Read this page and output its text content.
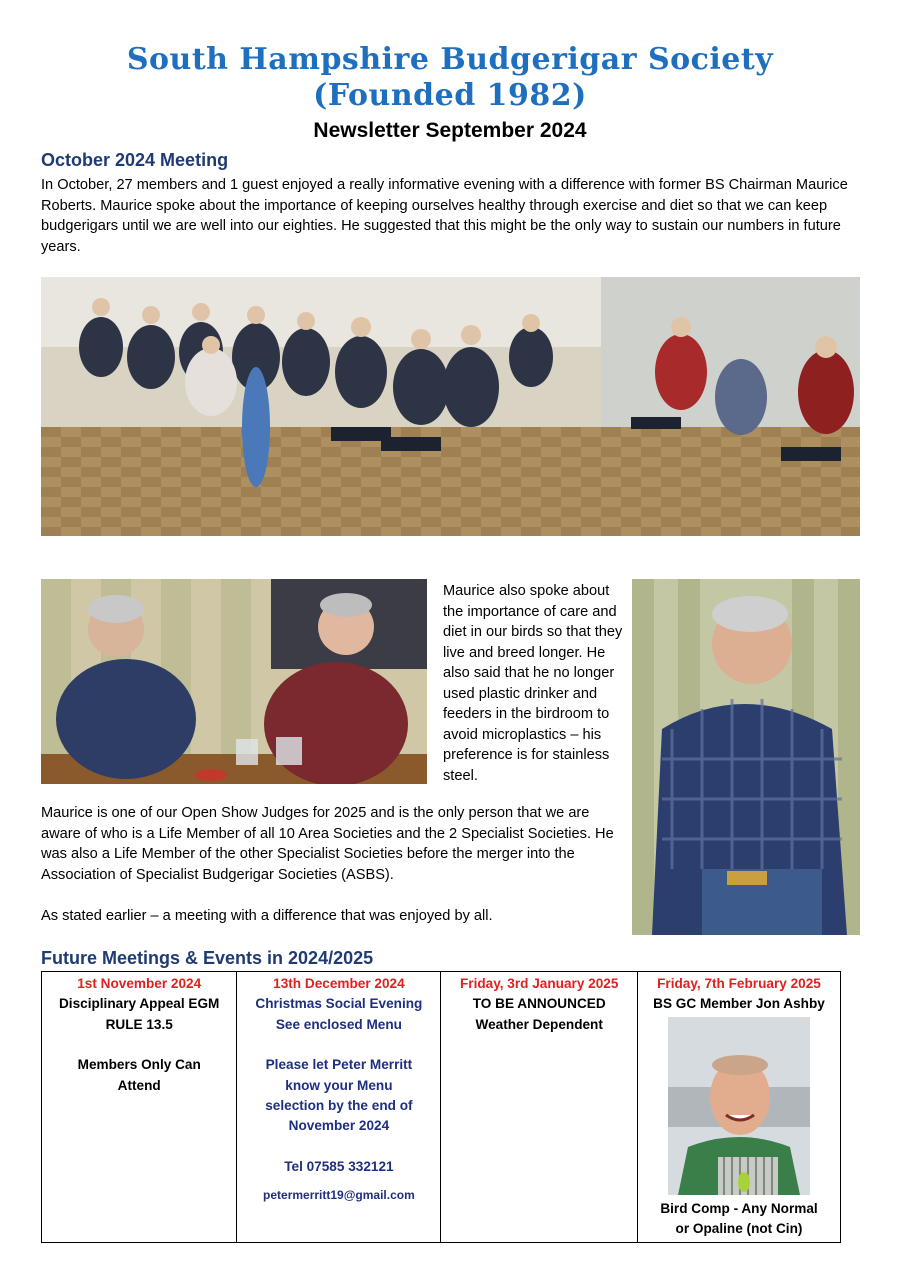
South Hampshire Budgerigar Society
(Founded 1982)
Newsletter September 2024
October 2024 Meeting
In October, 27 members and 1 guest enjoyed a really informative evening with a difference with former BS Chairman Maurice Roberts. Maurice spoke about the importance of keeping ourselves healthy through exercise and diet so that we can keep budgerigars until we are well into our eighties. He suggested that this might be the only way to sustain our numbers in future years.
Maurice also spoke about the importance of care and diet in our birds so that they live and breed longer. He also said that he no longer used plastic drinker and feeders in the birdroom to avoid microplastics – his preference is for stainless steel.
Maurice is one of our Open Show Judges for 2025 and is the only person that we are aware of who is a Life Member of all 10 Area Societies and the 2 Specialist Societies. He was also a Life Member of the other Specialist Societies before the merger into the Association of Specialist Budgerigar Societies (ASBS).
As stated earlier – a meeting with a difference that was enjoyed by all.
Future Meetings & Events in 2024/2025
1st November 2024
Disciplinary Appeal EGM
RULE 13.5
Members Only Can
Attend

13th December 2024
Christmas Social Evening
See enclosed Menu
Please let Peter Merritt
know your Menu
selection by the end of
November 2024
Tel 07585 332121
petermerritt19@gmail.com

Friday, 3rd January 2025
TO BE ANNOUNCED
Weather Dependent

Friday, 7th February 2025
BS GC Member Jon Ashby
Bird Comp - Any Normal
or Opaline (not Cin)
